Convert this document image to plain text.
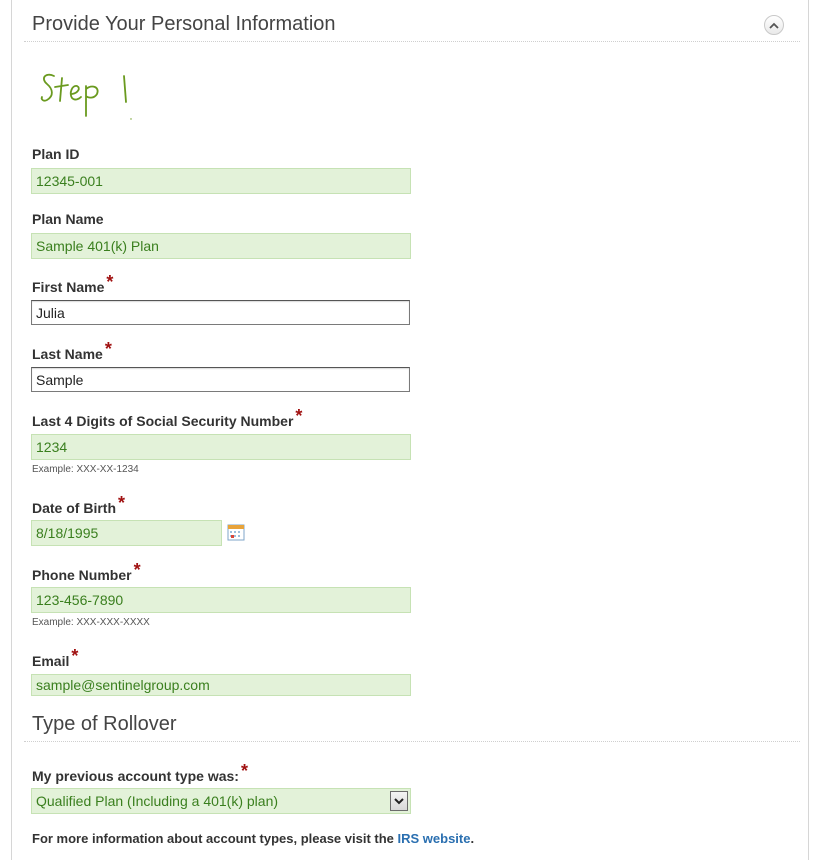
Provide Your Personal Information
Plan ID
12345-001
Plan Name
Sample 401(k) Plan
First Name *
Julia
Last Name *
Sample
Last 4 Digits of Social Security Number *
1234
Example: XXX-XX-1234
Date of Birth *
8/18/1995
Phone Number *
123-456-7890
Example: XXX-XXX-XXXX
Email *
sample@sentinelgroup.com
Type of Rollover
My previous account type was: *
Qualified Plan (Including a 401(k) plan)
For more information about account types, please visit the IRS website.
